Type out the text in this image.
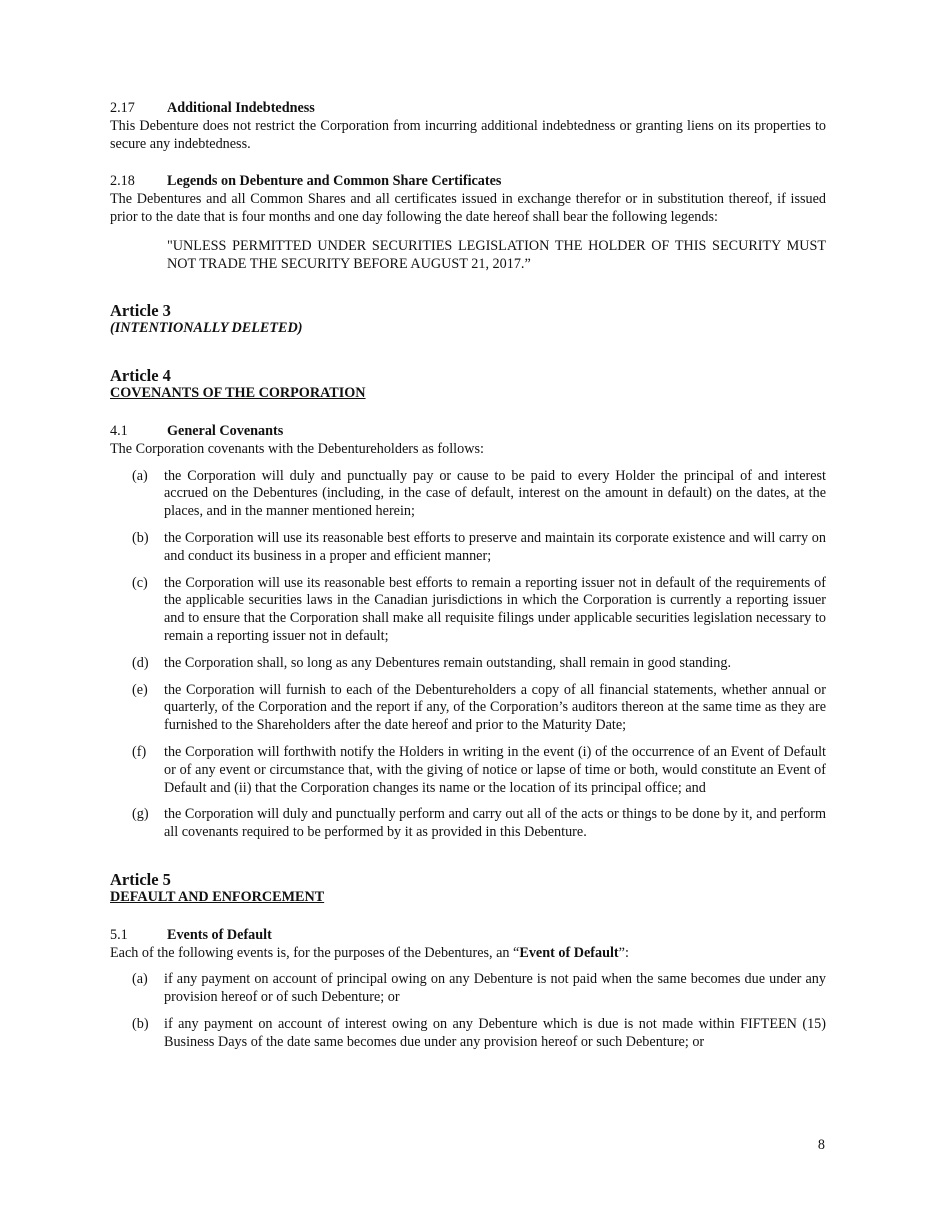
2.17 Additional Indebtedness

This Debenture does not restrict the Corporation from incurring additional indebtedness or granting liens on its properties to secure any indebtedness.

2.18 Legends on Debenture and Common Share Certificates

The Debentures and all Common Shares and all certificates issued in exchange therefor or in substitution thereof, if issued prior to the date that is four months and one day following the date hereof shall bear the following legends:

"UNLESS PERMITTED UNDER SECURITIES LEGISLATION THE HOLDER OF THIS SECURITY MUST NOT TRADE THE SECURITY BEFORE AUGUST 21, 2017.”

Article 3

(INTENTIONALLY DELETED)

Article 4

COVENANTS OF THE CORPORATION

4.1	General Covenants

The Corporation covenants with the Debentureholders as follows:

(a) the Corporation will duly and punctually pay or cause to be paid to every Holder the principal of and interest accrued on the Debentures (including, in the case of default, interest on the amount in default) on the dates, at the places, and in the manner mentioned herein;
(b) the Corporation will use its reasonable best efforts to preserve and maintain its corporate existence and will carry on and conduct its business in a proper and efficient manner;
(c) the Corporation will use its reasonable best efforts to remain a reporting issuer not in default of the requirements of the applicable securities laws in the Canadian jurisdictions in which the Corporation is currently a reporting issuer and to ensure that the Corporation shall make all requisite filings under applicable securities legislation necessary to remain a reporting issuer not in default;
(d) the Corporation shall, so long as any Debentures remain outstanding, shall remain in good standing.
(e) the Corporation will furnish to each of the Debentureholders a copy of all financial statements, whether annual or quarterly, of the Corporation and the report if any, of the Corporation’s auditors thereon at the same time as they are furnished to the Shareholders after the date hereof and prior to the Maturity Date;
(f) the Corporation will forthwith notify the Holders in writing in the event (i) of the occurrence of an Event of Default or of any event or circumstance that, with the giving of notice or lapse of time or both, would constitute an Event of Default and (ii) that the Corporation changes its name or the location of its principal office; and
(g) the Corporation will duly and punctually perform and carry out all of the acts or things to be done by it, and perform all covenants required to be performed by it as provided in this Debenture.

Article 5

DEFAULT AND ENFORCEMENT

5.1	Events of Default

Each of the following events is, for the purposes of the Debentures, an “Event of Default”:

(a) if any payment on account of principal owing on any Debenture is not paid when the same becomes due under any provision hereof or of such Debenture; or
(b) if any payment on account of interest owing on any Debenture which is due is not made within FIFTEEN (15) Business Days of the date same becomes due under any provision hereof or such Debenture; or
8
